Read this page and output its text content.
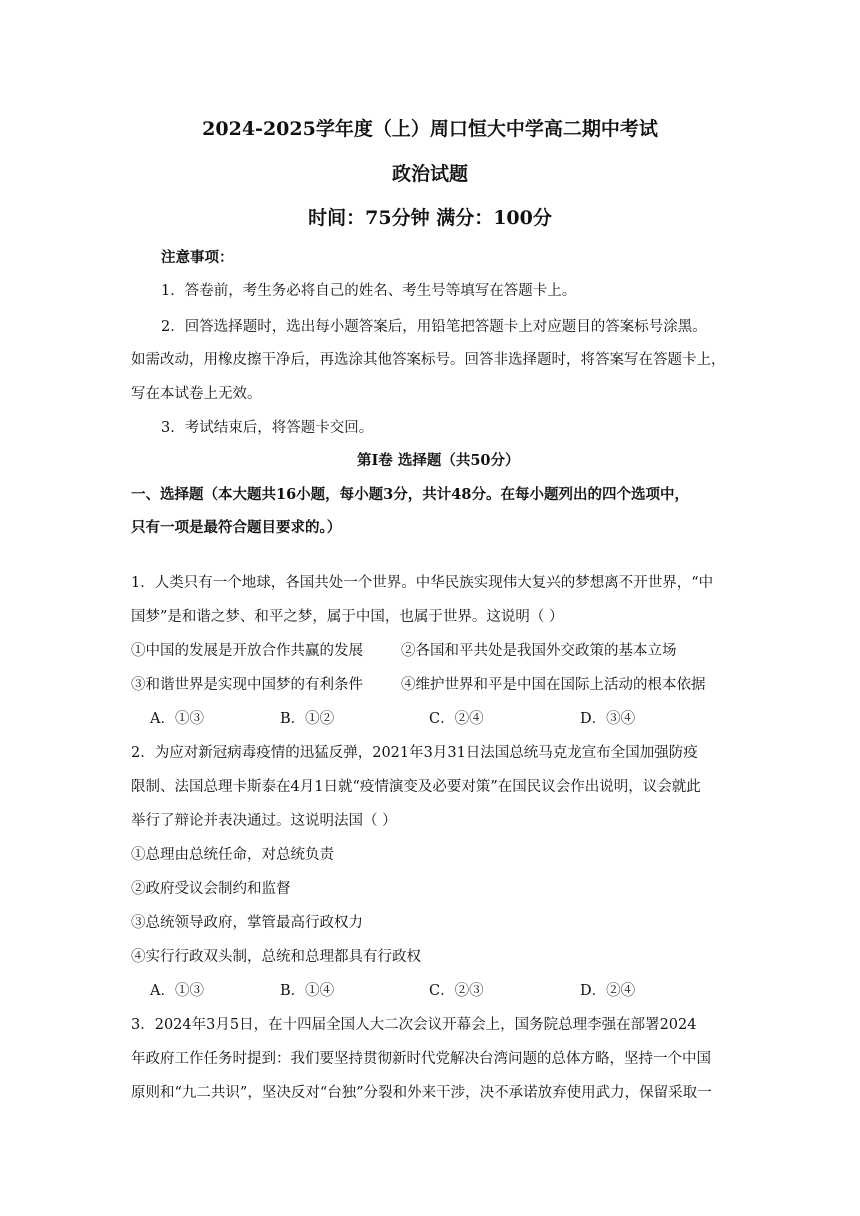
2024-2025学年度（上）周口恒大中学高二期中考试
政治试题
时间：75分钟 满分：100分
注意事项：
1．答卷前，考生务必将自己的姓名、考生号等填写在答题卡上。
2．回答选择题时，选出每小题答案后，用铅笔把答题卡上对应题目的答案标号涂黑。
如需改动，用橡皮擦干净后，再选涂其他答案标号。回答非选择题时，将答案写在答题卡上，
写在本试卷上无效。
3．考试结束后，将答题卡交回。
第Ⅰ卷 选择题（共50分）
一、选择题（本大题共16小题，每小题3分，共计48分。在每小题列出的四个选项中，
只有一项是最符合题目要求的。）
1．人类只有一个地球，各国共处一个世界。中华民族实现伟大复兴的梦想离不开世界，“中
国梦”是和谐之梦、和平之梦，属于中国，也属于世界。这说明（ ）
①中国的发展是开放合作共赢的发展	②各国和平共处是我国外交政策的基本立场
③和谐世界是实现中国梦的有利条件	④维护世界和平是中国在国际上活动的根本依据
A．①③	B．①②	C．②④	D．③④
2．为应对新冠病毒疫情的迅猛反弹，2021年3月31日法国总统马克龙宣布全国加强防疫
限制、法国总理卡斯泰在4月1日就“疫情演变及必要对策”在国民议会作出说明，议会就此
举行了辩论并表决通过。这说明法国（ ）
①总理由总统任命，对总统负责
②政府受议会制约和监督
③总统领导政府，掌管最高行政权力
④实行行政双头制，总统和总理都具有行政权
A．①③	B．①④	C．②③	D．②④
3．2024年3月5日，在十四届全国人大二次会议开幕会上，国务院总理李强在部署2024
年政府工作任务时提到：我们要坚持贯彻新时代党解决台湾问题的总体方略，坚持一个中国
原则和“九二共识”，坚决反对“台独”分裂和外来干涉，决不承诺放弃使用武力，保留采取一
